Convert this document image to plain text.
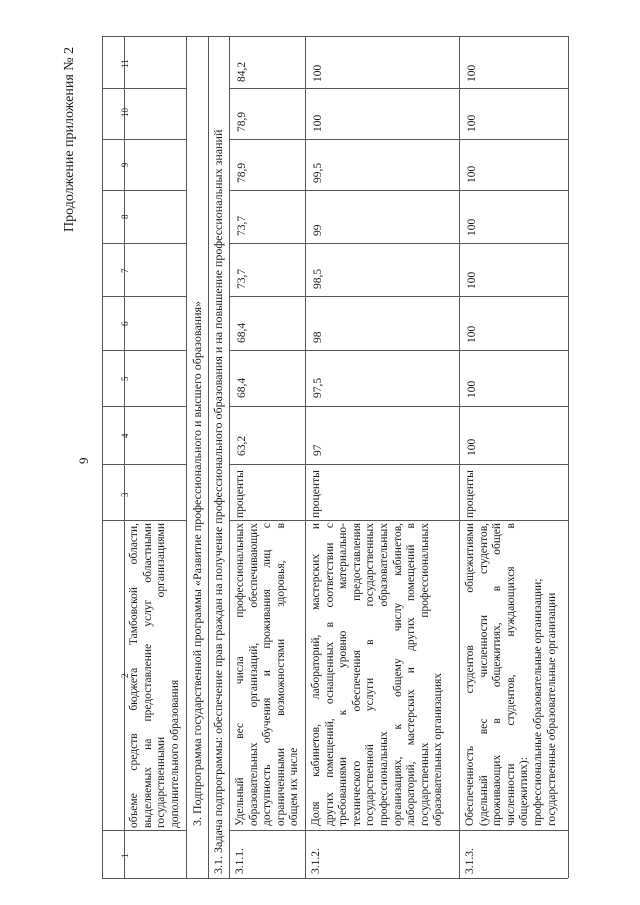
9
Продолжение приложения № 2
1
2
3
4
5
6
7
8
9
10
11
объеме средств бюджета Тамбовской области, выделяемых на предоставление услуг областными государственными организациями дополнительного образования 3. Подпрограмма государственной программы «Развитие профессионального и высшего образования» 3.1. Задача подпрограммы: обеспечение прав граждан на получение профессионального образования и на повышение профессиональных знаний 3.1.1.
Удельный вес числа профессиональных образовательных организаций, обеспечивающих доступность обучения и проживания лиц с ограниченными возможностями здоровья, в общем их числе
проценты
63,2
68,4
68,4
73,7
73,7
78,9
78,9
84,2
3.1.2.
Доля кабинетов, лабораторий, мастерских и других помещений, оснащенных в соответствии с требованиями к уровню материально- технического обеспечения предоставления государственной услуги в государственных профессиональных образовательных организациях, к общему числу кабинетов, лабораторий, мастерских и других помещений в государственных профессиональных образовательных организациях
проценты
97
97,5
98
98,5
99
99,5
100
100
3.1.3.
Обеспеченность студентов общежитиями (удельный вес численности студентов, проживающих в общежитиях, в общей численности студентов, нуждающихся в общежитиях): профессиональные образовательные организации; государственные образовательные организации
проценты
100
100
100
100
100
100
100
100
